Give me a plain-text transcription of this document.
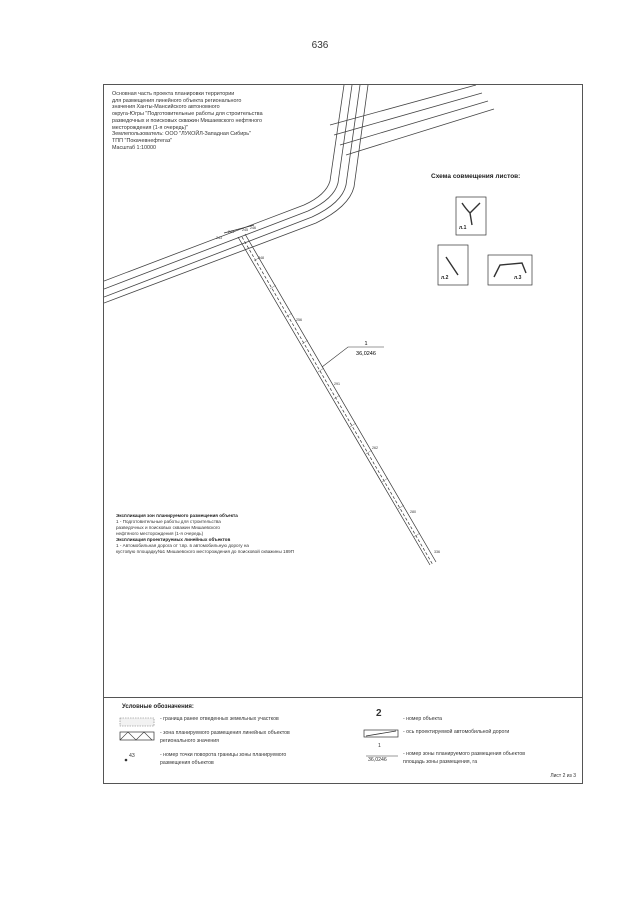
636
1
36,0246
243
244 245 246
248
256
291
262
280
336
Основная часть проекта планировки территории
для размещения линейного объекта регионального
значения Ханты-Мансийского автономного
округа-Югры "Подготовительные работы для строительства
разведочных и поисковых скважин Мишаевского нефтяного
месторождения (1-я очередь)"
Землепользователь: ООО "ЛУКОЙЛ-Западная Сибирь"
ТПП "Покачевнефтегаз"
Масштаб 1:10000
Схема совмещения листов:
л.1
л.2	л.3
Экспликация зон планируемого размещения объекта
1 - Подготовительные работы для строительства
разведочных и поисковых скважин Мишаевского
нефтяного месторождения (1-я очередь)
Экспликация проектируемых линейных объектов
1 - Автомобильная дорога от т.вр. в автомобильную дорогу на
кустовую площадку№1 Мишаевского месторождения до поисковой скважины 189П
Условные обозначения:
43
- граница ранее отведенных земельных участков
- зона планируемого размещения линейных объектов
регионального значения
- номер точки поворота границы зоны планируемого
размещения объектов
2
1
36,0246
- номер объекта
- ось проектируемой автомобильной дороги
- номер зоны планируемого размещения объектов
площадь зоны размещения, га
Лист 2 из 3
